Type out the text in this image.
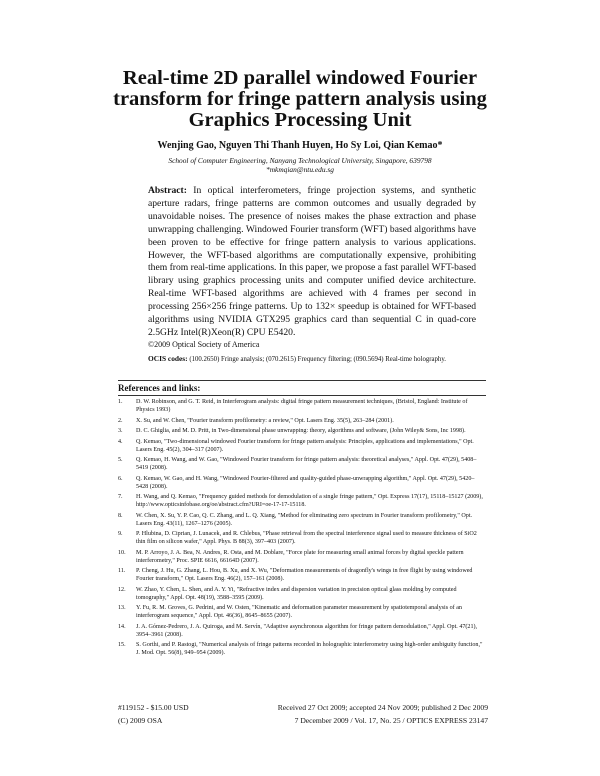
Real-time 2D parallel windowed Fourier
transform for fringe pattern analysis using
Graphics Processing Unit
Wenjing Gao, Nguyen Thi Thanh Huyen, Ho Sy Loi, Qian Kemao*
School of Computer Engineering, Nanyang Technological University, Singapore, 639798
*mkmqian@ntu.edu.sg
Abstract: In optical interferometers, fringe projection systems, and synthetic aperture radars, fringe patterns are common outcomes and usually degraded by unavoidable noises. The presence of noises makes the phase extraction and phase unwrapping challenging. Windowed Fourier transform (WFT) based algorithms have been proven to be effective for fringe pattern analysis to various applications. However, the WFT-based algorithms are computationally expensive, prohibiting them from real-time applications. In this paper, we propose a fast parallel WFT-based library using graphics processing units and computer unified device architecture. Real-time WFT-based algorithms are achieved with 4 frames per second in processing 256×256 fringe patterns. Up to 132× speedup is obtained for WFT-based algorithms using NVIDIA GTX295 graphics card than sequential C in quad-core 2.5GHz Intel(R)Xeon(R) CPU E5420.
©2009 Optical Society of America
OCIS codes: (100.2650) Fringe analysis; (070.2615) Frequency filtering; (090.5694) Real-time holography.
References and links:
1. D. W. Robinson, and G. T. Reid, in Interferogram analysis: digital fringe pattern measurement techniques, (Bristol, England: Institute of Physics 1993)
2. X. Su, and W. Chen, "Fourier transform profilometry: a review," Opt. Lasers Eng. 35(5), 263–284 (2001).
3. D. C. Ghiglia, and M. D. Pritt, in Two-dimensional phase unwrapping: theory, algorithms and software, (John Wiley& Sons, Inc 1998).
4. Q. Kemao, "Two-dimensional windowed Fourier transform for fringe pattern analysis: Principles, applications and implementations," Opt. Lasers Eng. 45(2), 304–317 (2007).
5. Q. Kemao, H. Wang, and W. Gao, "Windowed Fourier transform for fringe pattern analysis: theoretical analyses," Appl. Opt. 47(29), 5408–5419 (2008).
6. Q. Kemao, W. Gao, and H. Wang, "Windowed Fourier-filtered and quality-guided phase-unwrapping algorithm," Appl. Opt. 47(29), 5420–5428 (2008).
7. H. Wang, and Q. Kemao, "Frequency guided methods for demodulation of a single fringe pattern," Opt. Express 17(17), 15118–15127 (2009), http://www.opticsinfobase.org/oe/abstract.cfm?URI=oe-17-17-15118.
8. W. Chen, X. Su, Y. P. Cao, Q. C. Zhang, and L. Q. Xiang, "Method for eliminating zero spectrum in Fourier transform profilometry," Opt. Lasers Eng. 43(11), 1267–1276 (2005).
9. P. Hlubina, D. Ciprian, J. Lunacek, and R. Chlebus, "Phase retrieval from the spectral interference signal used to measure thickness of SiO2 thin film on silicon wafer," Appl. Phys. B 88(3), 397–403 (2007).
10. M. P. Arroyo, J. A. Bea, N. Andres, R. Osta, and M. Doblare, "Force plate for measuring small animal forces by digital speckle pattern interferometry," Proc. SPIE 6616, 66164D (2007).
11. P. Cheng, J. Hu, G. Zhang, L. Hou, B. Xu, and X. Wu, "Deformation measurements of dragonfly's wings in free flight by using windowed Fourier transform," Opt. Lasers Eng. 46(2), 157–161 (2008).
12. W. Zhao, Y. Chen, L. Shen, and A. Y. Yi, "Refractive index and dispersion variation in precision optical glass molding by computed tomography," Appl. Opt. 48(19), 3588–3595 (2009).
13. Y. Fu, R. M. Groves, G. Pedrini, and W. Osten, "Kinematic and deformation parameter measurement by spatiotemporal analysis of an interferogram sequence," Appl. Opt. 46(36), 8645–8655 (2007).
14. J. A. Gómez-Pedrero, J. A. Quiroga, and M. Servín, "Adaptive asynchronous algorithm for fringe pattern demodulation," Appl. Opt. 47(21), 3954–3961 (2008).
15. S. Gorthi, and P. Rastogi, "Numerical analysis of fringe patterns recorded in holographic interferometry using high-order ambiguity function," J. Mod. Opt. 56(8), 949–954 (2009).
#119152 - $15.00 USD
(C) 2009 OSA
Received 27 Oct 2009; accepted 24 Nov 2009; published 2 Dec 2009
7 December 2009 / Vol. 17, No. 25 / OPTICS EXPRESS 23147
